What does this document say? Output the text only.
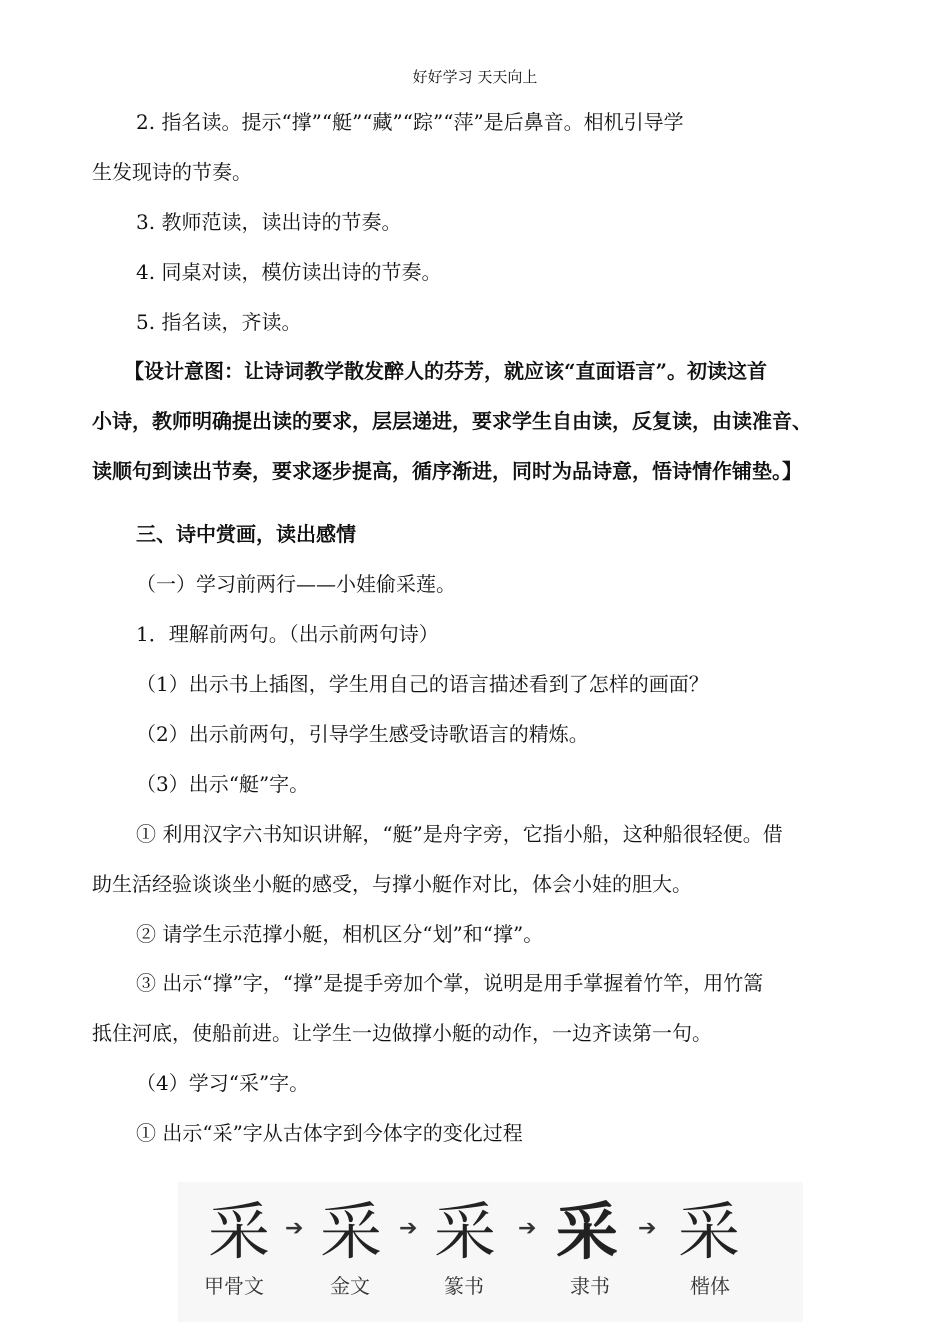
好好学习 天天向上
2. 指名读。提示“撑”“艇”“藏”“踪”“萍”是后鼻音。相机引导学
生发现诗的节奏。
3. 教师范读，读出诗的节奏。
4. 同桌对读，模仿读出诗的节奏。
5. 指名读，齐读。
【设计意图：让诗词教学散发醉人的芬芳，就应该“直面语言”。初读这首
小诗，教师明确提出读的要求，层层递进，要求学生自由读，反复读，由读准音、
读顺句到读出节奏，要求逐步提高，循序渐进，同时为品诗意，悟诗情作铺垫。】
三、诗中赏画，读出感情
（一）学习前两行——小娃偷采莲。
1．理解前两句。（出示前两句诗）
（1）出示书上插图，学生用自己的语言描述看到了怎样的画面？
（2）出示前两句，引导学生感受诗歌语言的精炼。
（3）出示“艇”字。
① 利用汉字六书知识讲解，“艇”是舟字旁，它指小船，这种船很轻便。借
助生活经验谈谈坐小艇的感受，与撑小艇作对比，体会小娃的胆大。
② 请学生示范撑小艇，相机区分“划”和“撑”。
③ 出示“撑”字，“撑”是提手旁加个掌，说明是用手掌握着竹竿，用竹篙
抵住河底，使船前进。让学生一边做撑小艇的动作，一边齐读第一句。
（4）学习“采”字。
① 出示“采”字从古体字到今体字的变化过程
采 ➔ 采 ➔ 采 ➔ 采 ➔ 采
甲骨文	金文	篆书	隶书	楷体
